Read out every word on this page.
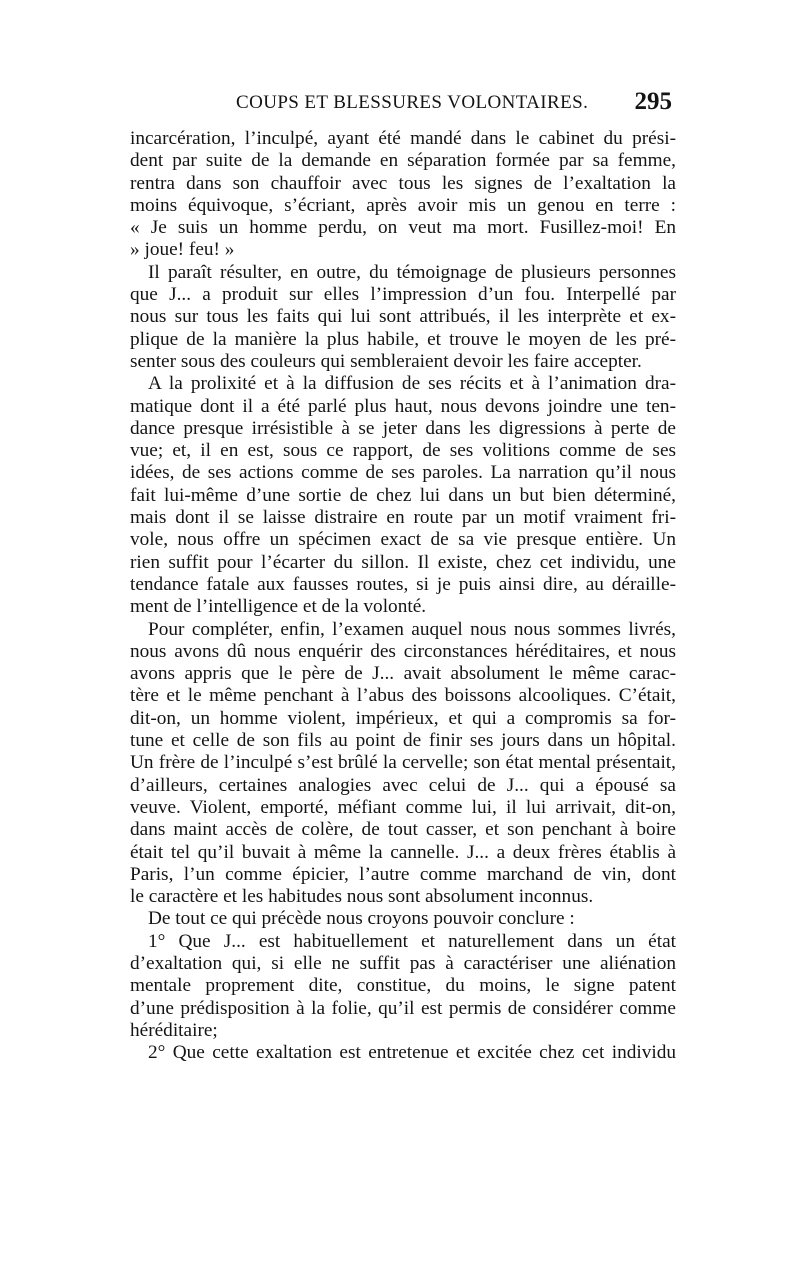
COUPS ET BLESSURES VOLONTAIRES. 295
incarcération, l’inculpé, ayant été mandé dans le cabinet du prési-
dent par suite de la demande en séparation formée par sa femme,
rentra dans son chauffoir avec tous les signes de l’exaltation la
moins équivoque, s’écriant, après avoir mis un genou en terre :
« Je suis un homme perdu, on veut ma mort. Fusillez-moi! En
» joue! feu! »
Il paraît résulter, en outre, du témoignage de plusieurs personnes
que J... a produit sur elles l’impression d’un fou. Interpellé par
nous sur tous les faits qui lui sont attribués, il les interprète et ex-
plique de la manière la plus habile, et trouve le moyen de les pré-
senter sous des couleurs qui sembleraient devoir les faire accepter.
A la prolixité et à la diffusion de ses récits et à l’animation dra-
matique dont il a été parlé plus haut, nous devons joindre une ten-
dance presque irrésistible à se jeter dans les digressions à perte de
vue; et, il en est, sous ce rapport, de ses volitions comme de ses
idées, de ses actions comme de ses paroles. La narration qu’il nous
fait lui-même d’une sortie de chez lui dans un but bien déterminé,
mais dont il se laisse distraire en route par un motif vraiment fri-
vole, nous offre un spécimen exact de sa vie presque entière. Un
rien suffit pour l’écarter du sillon. Il existe, chez cet individu, une
tendance fatale aux fausses routes, si je puis ainsi dire, au déraille-
ment de l’intelligence et de la volonté.
Pour compléter, enfin, l’examen auquel nous nous sommes livrés,
nous avons dû nous enquérir des circonstances héréditaires, et nous
avons appris que le père de J... avait absolument le même carac-
tère et le même penchant à l’abus des boissons alcooliques. C’était,
dit-on, un homme violent, impérieux, et qui a compromis sa for-
tune et celle de son fils au point de finir ses jours dans un hôpital.
Un frère de l’inculpé s’est brûlé la cervelle; son état mental présentait,
d’ailleurs, certaines analogies avec celui de J... qui a épousé sa
veuve. Violent, emporté, méfiant comme lui, il lui arrivait, dit-on,
dans maint accès de colère, de tout casser, et son penchant à boire
était tel qu’il buvait à même la cannelle. J... a deux frères établis à
Paris, l’un comme épicier, l’autre comme marchand de vin, dont
le caractère et les habitudes nous sont absolument inconnus.
De tout ce qui précède nous croyons pouvoir conclure :
1° Que J... est habituellement et naturellement dans un état
d’exaltation qui, si elle ne suffit pas à caractériser une aliénation
mentale proprement dite, constitue, du moins, le signe patent
d’une prédisposition à la folie, qu’il est permis de considérer comme
héréditaire;
2° Que cette exaltation est entretenue et excitée chez cet individu
